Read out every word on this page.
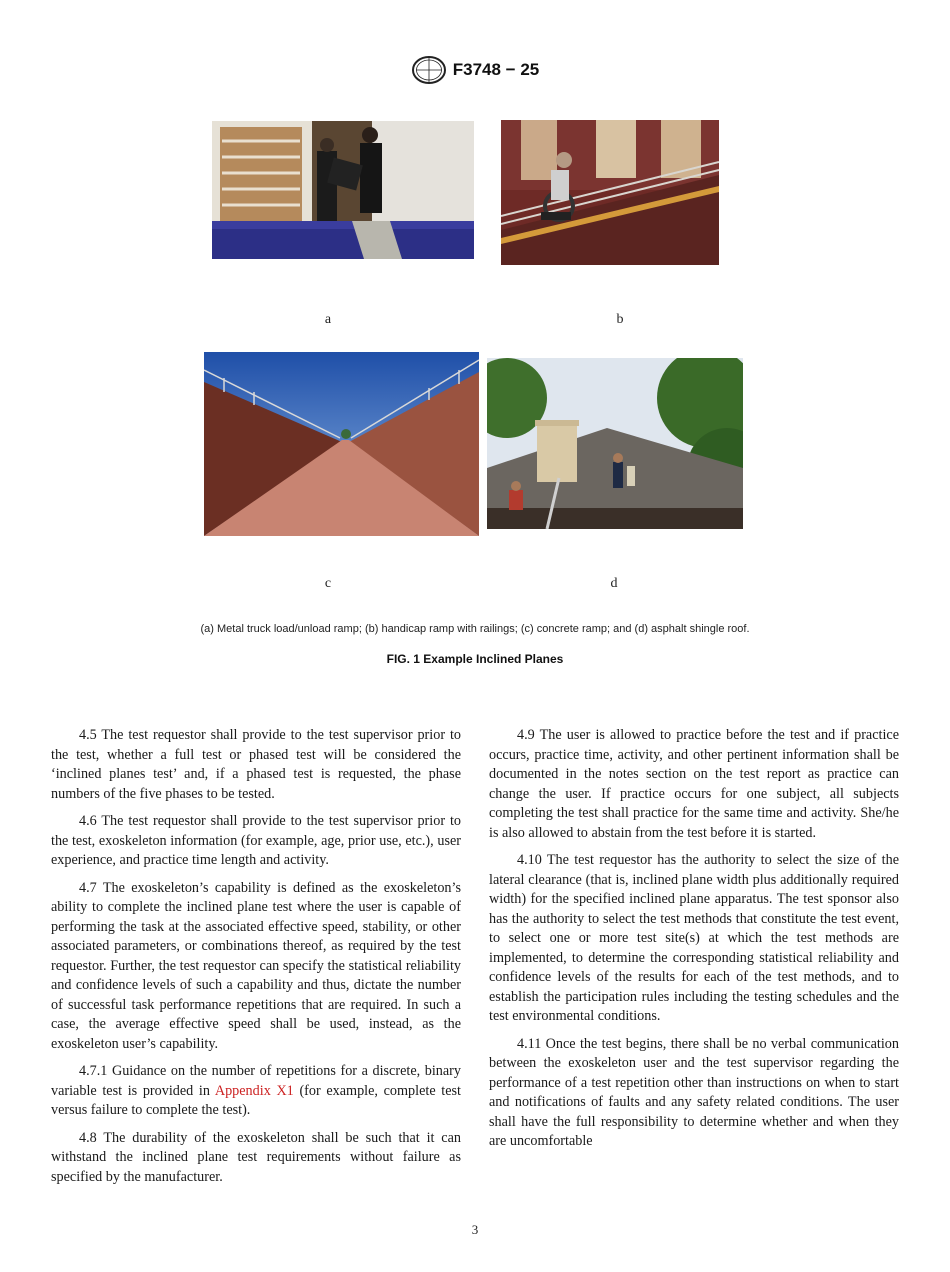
F3748 − 25
a	b
c	d
(a) Metal truck load/unload ramp; (b) handicap ramp with railings; (c) concrete ramp; and (d) asphalt shingle roof.
FIG. 1 Example Inclined Planes

4.5 The test requestor shall provide to the test supervisor prior to the test, whether a full test or phased test will be considered the ‘inclined planes test’ and, if a phased test is requested, the phase numbers of the five phases to be tested.

4.6 The test requestor shall provide to the test supervisor prior to the test, exoskeleton information (for example, age, prior use, etc.), user experience, and practice time length and activity.

4.7 The exoskeleton’s capability is defined as the exoskeleton’s ability to complete the inclined plane test where the user is capable of performing the task at the associated effective speed, stability, or other associated parameters, or combinations thereof, as required by the test requestor. Further, the test requestor can specify the statistical reliability and confidence levels of such a capability and thus, dictate the number of successful task performance repetitions that are required. In such a case, the average effective speed shall be used, instead, as the exoskeleton user’s capability.

4.7.1 Guidance on the number of repetitions for a discrete, binary variable test is provided in Appendix X1 (for example, complete test versus failure to complete the test).

4.8 The durability of the exoskeleton shall be such that it can withstand the inclined plane test requirements without failure as specified by the manufacturer.

4.9 The user is allowed to practice before the test and if practice occurs, practice time, activity, and other pertinent information shall be documented in the notes section on the test report as practice can change the user. If practice occurs for one subject, all subjects completing the test shall practice for the same time and activity. She/he is also allowed to abstain from the test before it is started.

4.10 The test requestor has the authority to select the size of the lateral clearance (that is, inclined plane width plus additionally required width) for the specified inclined plane apparatus. The test sponsor also has the authority to select the test methods that constitute the test event, to select one or more test site(s) at which the test methods are implemented, to determine the corresponding statistical reliability and confidence levels of the results for each of the test methods, and to establish the participation rules including the testing schedules and the test environmental conditions.

4.11 Once the test begins, there shall be no verbal communication between the exoskeleton user and the test supervisor regarding the performance of a test repetition other than instructions on when to start and notifications of faults and any safety related conditions. The user shall have the full responsibility to determine whether and when they are uncomfortable

3
